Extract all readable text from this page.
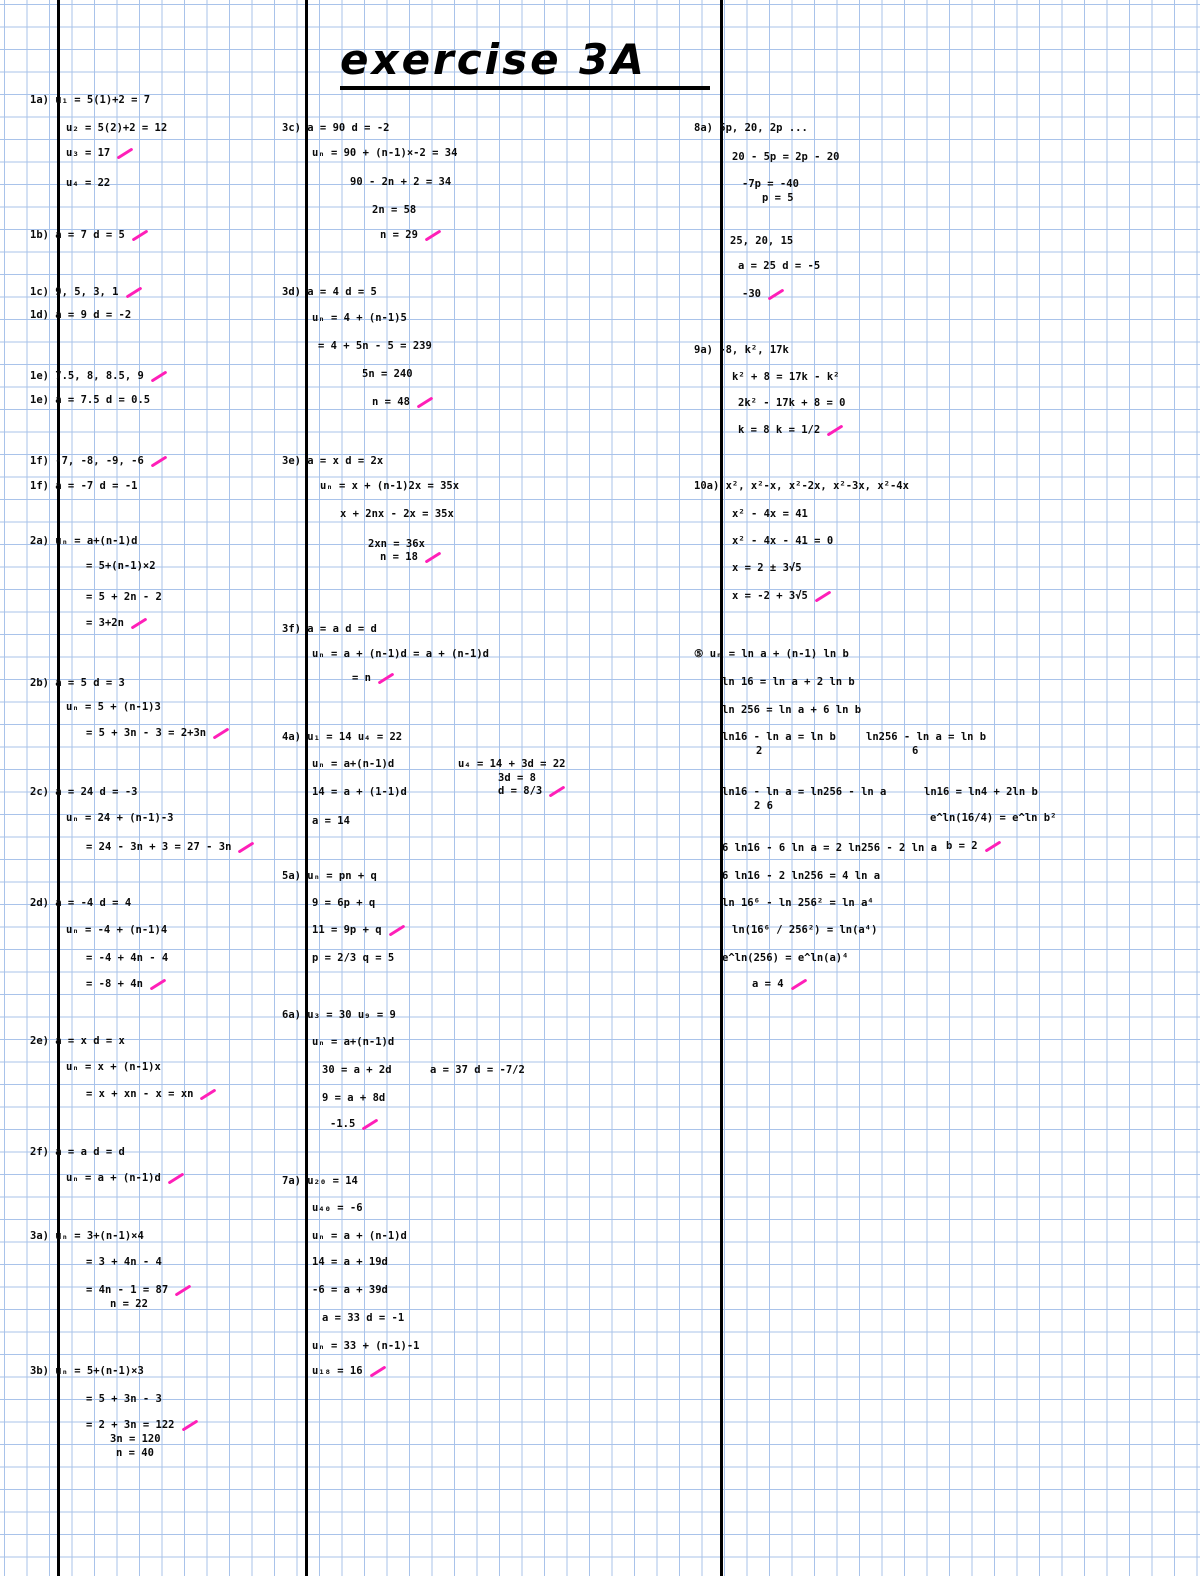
exercise 3A
1a) u₁ = 5(1)+2 = 7
u₂ = 5(2)+2 = 12
u₃ = 17
u₄ = 22
1b) a = 7 d = 5
1c) 9, 5, 3, 1
1d) a = 9 d = -2
1e) 7.5, 8, 8.5, 9
1e) a = 7.5 d = 0.5
1f) -7, -8, -9, -6
1f) a = -7 d = -1
2a) uₙ = a+(n-1)d
= 5+(n-1)×2
= 5 + 2n - 2
= 3+2n
2b) a = 5 d = 3
uₙ = 5 + (n-1)3
= 5 + 3n - 3 = 2+3n
2c) a = 24 d = -3
uₙ = 24 + (n-1)-3
= 24 - 3n + 3 = 27 - 3n
2d) a = -4 d = 4
uₙ = -4 + (n-1)4
= -4 + 4n - 4
= -8 + 4n
2e) a = x d = x
uₙ = x + (n-1)x
= x + xn - x = xn
2f) a = a d = d
uₙ = a + (n-1)d
3a) uₙ = 3+(n-1)×4
= 3 + 4n - 4
= 4n - 1 = 87
n = 22
3b) uₙ = 5+(n-1)×3
= 5 + 3n - 3
= 2 + 3n = 122
3n = 120
n = 40
3c) a = 90 d = -2
uₙ = 90 + (n-1)×-2 = 34
90 - 2n + 2 = 34
2n = 58
n = 29
3d) a = 4 d = 5
uₙ = 4 + (n-1)5
= 4 + 5n - 5 = 239
5n = 240
n = 48
3e) a = x d = 2x
uₙ = x + (n-1)2x = 35x
x + 2nx - 2x = 35x
2xn = 36x
n = 18
3f) a = a d = d
uₙ = a + (n-1)d = a + (n-1)d
= n
4a) u₁ = 14 u₄ = 22
uₙ = a+(n-1)d	u₄ = 14 + 3d = 22
3d = 8
d = 8/3
14 = a + (1-1)d
a = 14
5a) uₙ = pn + q
9 = 6p + q
11 = 9p + q
p = 2/3 q = 5
6a) u₃ = 30 u₉ = 9
uₙ = a+(n-1)d
30 = a + 2d	a = 37 d = -7/2
9 = a + 8d
-1.5
7a) u₂₀ = 14
u₄₀ = -6
uₙ = a + (n-1)d
14 = a + 19d
-6 = a + 39d
a = 33 d = -1
uₙ = 33 + (n-1)-1
u₁₈ = 16
8a) 5p, 20, 2p ...
20 - 5p = 2p - 20
-7p = -40
p = 5
25, 20, 15
a = 25 d = -5
-30
9a) -8, k², 17k
k² + 8 = 17k - k²
2k² - 17k + 8 = 0
k = 8 k = 1/2
10a) x², x²-x, x²-2x, x²-3x, x²-4x
x² - 4x = 41
x² - 4x - 41 = 0
x = 2 ± 3√5
x = -2 + 3√5
⑤ uₙ = ln a + (n-1) ln b
ln 16 = ln a + 2 ln b
ln 256 = ln a + 6 ln b
ln16 - ln a = ln b
2
ln256 - ln a = ln b
6
ln16 - ln a = ln256 - ln a
2 6
ln16 = ln4 + 2ln b
e^ln(16/4) = e^ln b²
b = 2
6 ln16 - 6 ln a = 2 ln256 - 2 ln a
6 ln16 - 2 ln256 = 4 ln a
ln 16⁶ - ln 256² = ln a⁴
ln(16⁶ / 256²) = ln(a⁴)
e^ln(256) = e^ln(a)⁴
a = 4
